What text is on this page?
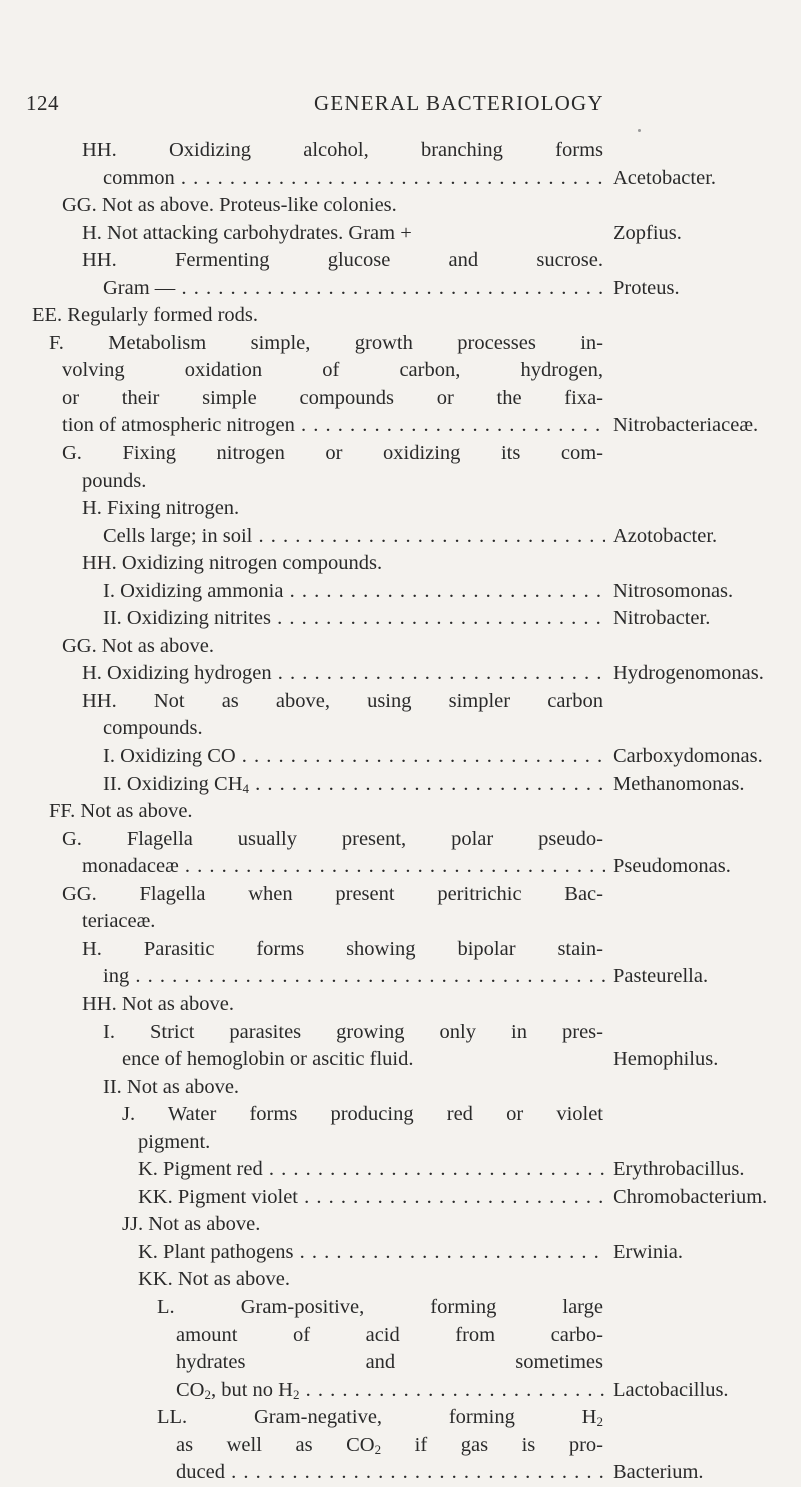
124	GENERAL BACTERIOLOGY
HH. Oxidizing alcohol, branching forms
common . . .	Acetobacter.
GG. Not as above. Proteus-like colonies.
H. Not attacking carbohydrates. Gram +	Zopfius.
HH. Fermenting glucose and sucrose.
Gram — . . .	Proteus.
EE. Regularly formed rods.
F. Metabolism simple, growth processes in-
volving oxidation of carbon, hydrogen,
or their simple compounds or the fixa-
tion of atmospheric nitrogen . . .	Nitrobacteriaceæ.
G. Fixing nitrogen or oxidizing its com-
pounds.
H. Fixing nitrogen.
Cells large; in soil . . .	Azotobacter.
HH. Oxidizing nitrogen compounds.
I. Oxidizing ammonia . . .	Nitrosomonas.
II. Oxidizing nitrites . . .	Nitrobacter.
GG. Not as above.
H. Oxidizing hydrogen . . .	Hydrogenomonas.
HH. Not as above, using simpler carbon
compounds.
I. Oxidizing CO . . .	Carboxydomonas.
II. Oxidizing $CH_4$ . . .	Methanomonas.
FF. Not as above.
G. Flagella usually present, polar pseudo-
monadaceæ . . .	Pseudomonas.
GG. Flagella when present peritrichic Bac-
teriaceæ.
H. Parasitic forms showing bipolar stain-
ing . . .	Pasteurella.
HH. Not as above.
I. Strict parasites growing only in pres-
ence of hemoglobin or ascitic fluid.	Hemophilus.
II. Not as above.
J. Water forms producing red or violet
pigment.
K. Pigment red . . .	Erythrobacillus.
KK. Pigment violet . . .	Chromobacterium.
JJ. Not as above.
K. Plant pathogens . . .	Erwinia.
KK. Not as above.
L. Gram-positive, forming large
amount of acid from carbo-
hydrates and sometimes
$CO_2$, but no $H_2$ . . .	Lactobacillus.
LL. Gram-negative, forming $H_2$
as well as $CO_2$ if gas is pro-
duced . . .	Bacterium.
